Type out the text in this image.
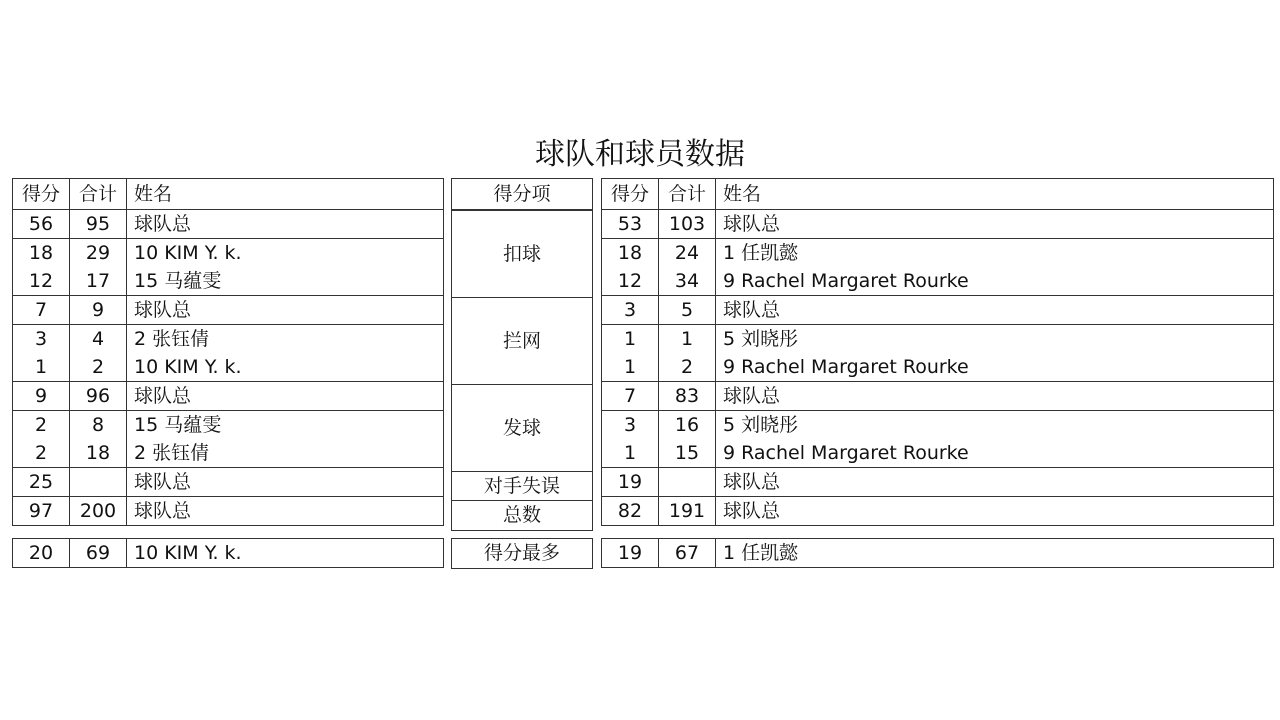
球队和球员数据
得分	合计	姓名
56	95	球队总
18	29	10 KIM Y. k.
12	17	15 马蕴雯
7	9	球队总
3	4	2 张钰倩
1	2	10 KIM Y. k.
9	96	球队总
2	8	15 马蕴雯
2	18	2 张钰倩
25		球队总
97	200	球队总
20	69	10 KIM Y. k.
得分项
扣球
拦网
发球
对手失误
总数
得分最多
得分	合计	姓名
53	103	球队总
18	24	1 任凯懿
12	34	9 Rachel Margaret Rourke
3	5	球队总
1	1	5 刘晓彤
1	2	9 Rachel Margaret Rourke
7	83	球队总
3	16	5 刘晓彤
1	15	9 Rachel Margaret Rourke
19		球队总
82	191	球队总
19	67	1 任凯懿
